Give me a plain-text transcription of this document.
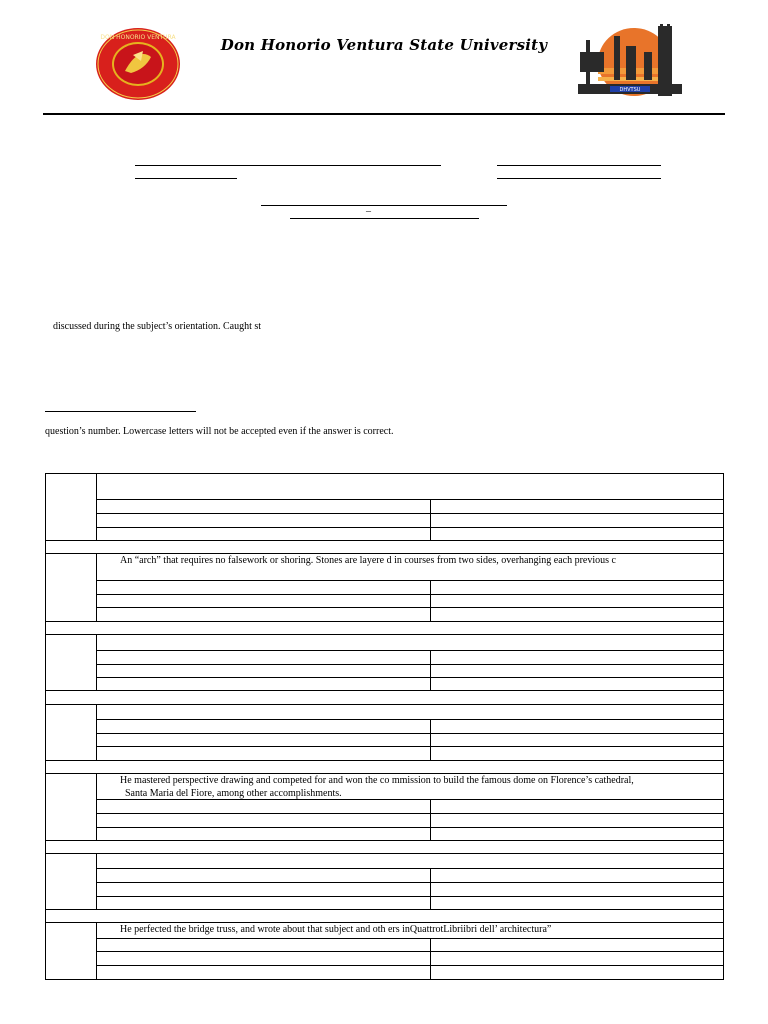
DON HONORIO VENTURA	Don Honorio Ventura State University
DHVTSU
–
discussed during the subject’s orientation. Caught st
question’s number. Lowercase letters will not be accepted even if the answer is correct.
An “arch” that requires no falsework or shoring. Stones are layere d in courses from two sides, overhanging each previous c
He mastered perspective drawing and competed for and won the co mmission to build the famous dome on Florence’s cathedral,
Santa Maria del Fiore, among other accomplishments.
He perfected the bridge truss, and wrote about that subject and oth ers inQuattrotLibriibri dell’ architectura”
